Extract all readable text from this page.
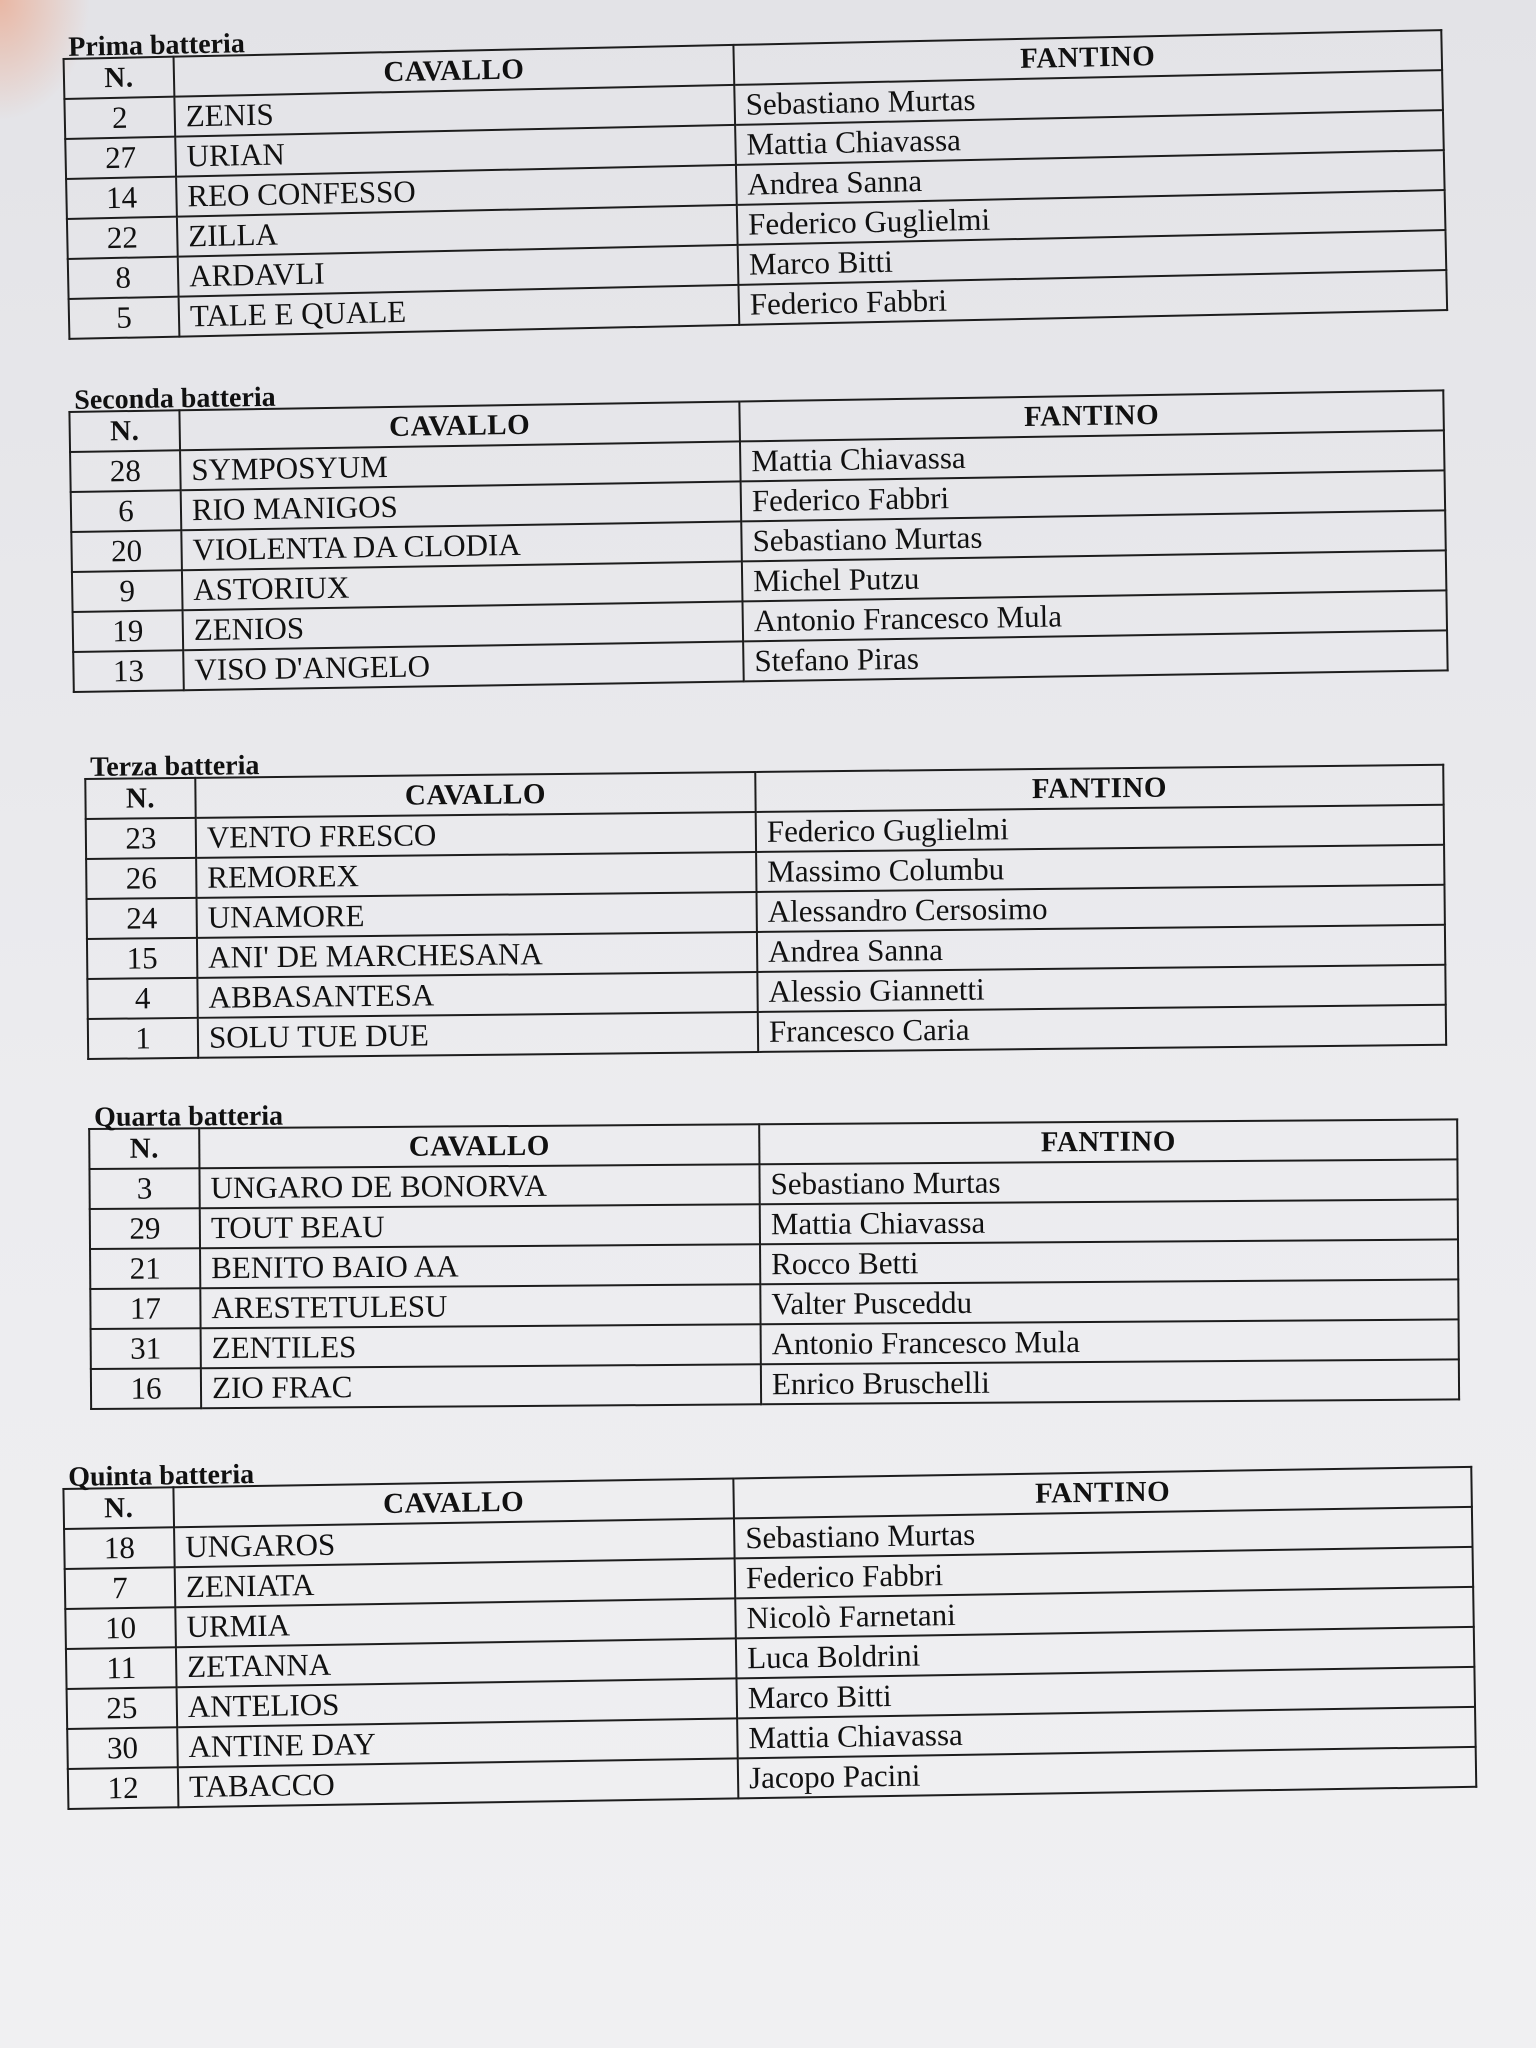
Prima batteria
N.	CAVALLO	FANTINO
2	ZENIS	Sebastiano Murtas
27	URIAN	Mattia Chiavassa
14	REO CONFESSO	Andrea Sanna
22	ZILLA	Federico Guglielmi
8	ARDAVLI	Marco Bitti
5	TALE E QUALE	Federico Fabbri
Seconda batteria
N.	CAVALLO	FANTINO
28	SYMPOSYUM	Mattia Chiavassa
6	RIO MANIGOS	Federico Fabbri
20	VIOLENTA DA CLODIA	Sebastiano Murtas
9	ASTORIUX	Michel Putzu
19	ZENIOS	Antonio Francesco Mula
13	VISO D'ANGELO	Stefano Piras
Terza batteria
N.	CAVALLO	FANTINO
23	VENTO FRESCO	Federico Guglielmi
26	REMOREX	Massimo Columbu
24	UNAMORE	Alessandro Cersosimo
15	ANI' DE MARCHESANA	Andrea Sanna
4	ABBASANTESA	Alessio Giannetti
1	SOLU TUE DUE	Francesco Caria
Quarta batteria
N.	CAVALLO	FANTINO
3	UNGARO DE BONORVA	Sebastiano Murtas
29	TOUT BEAU	Mattia Chiavassa
21	BENITO BAIO AA	Rocco Betti
17	ARESTETULESU	Valter Pusceddu
31	ZENTILES	Antonio Francesco Mula
16	ZIO FRAC	Enrico Bruschelli
Quinta batteria
N.	CAVALLO	FANTINO
18	UNGAROS	Sebastiano Murtas
7	ZENIATA	Federico Fabbri
10	URMIA	Nicolò Farnetani
11	ZETANNA	Luca Boldrini
25	ANTELIOS	Marco Bitti
30	ANTINE DAY	Mattia Chiavassa
12	TABACCO	Jacopo Pacini
